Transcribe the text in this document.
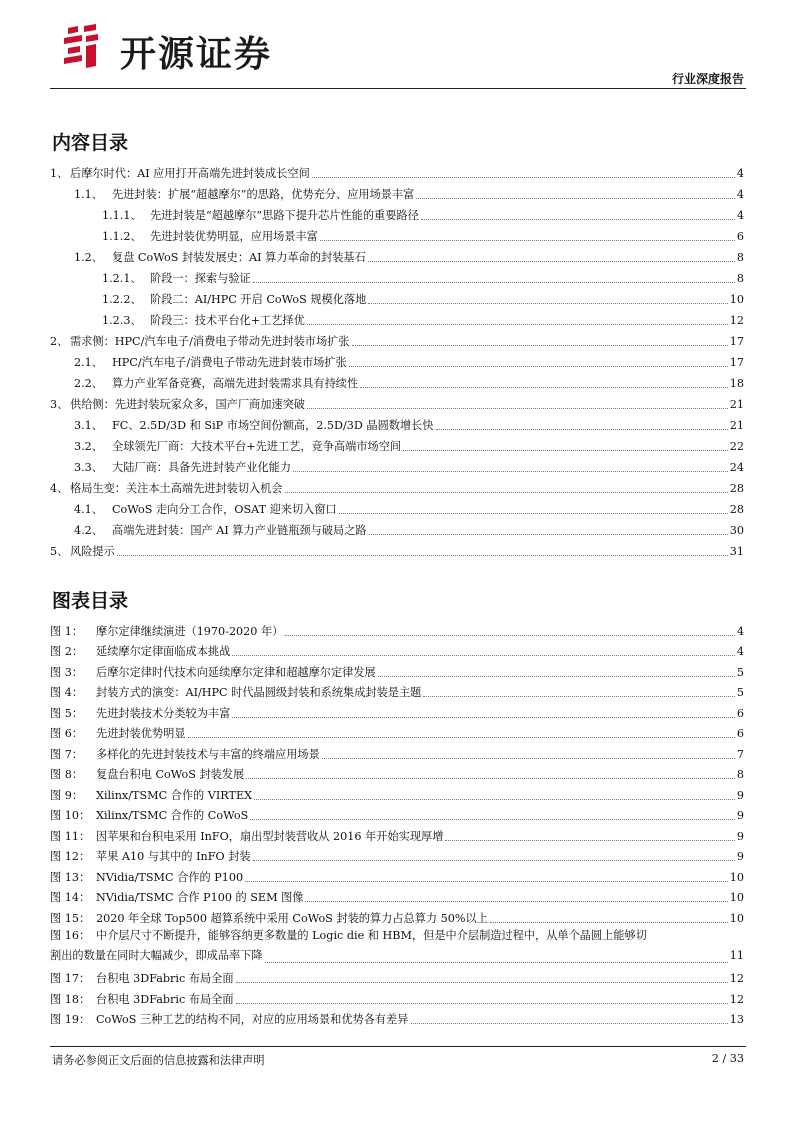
开源证券
行业深度报告
内容目录
1、 后摩尔时代：AI 应用打开高端先进封装成长空间	4
1.1、 先进封装：扩展“超越摩尔”的思路，优势充分、应用场景丰富	4
1.1.1、 先进封装是“超越摩尔”思路下提升芯片性能的重要路径	4
1.1.2、 先进封装优势明显，应用场景丰富	6
1.2、 复盘 CoWoS 封装发展史：AI 算力革命的封装基石	8
1.2.1、 阶段一：探索与验证	8
1.2.2、 阶段二：AI/HPC 开启 CoWoS 规模化落地	10
1.2.3、 阶段三：技术平台化+工艺择优	12
2、 需求侧：HPC/汽车电子/消费电子带动先进封装市场扩张	17
2.1、 HPC/汽车电子/消费电子带动先进封装市场扩张	17
2.2、 算力产业军备竞赛，高端先进封装需求具有持续性	18
3、 供给侧：先进封装玩家众多，国产厂商加速突破	21
3.1、 FC、2.5D/3D 和 SiP 市场空间份额高，2.5D/3D 晶圆数增长快	21
3.2、 全球领先厂商：大技术平台+先进工艺，竞争高端市场空间	22
3.3、 大陆厂商：具备先进封装产业化能力	24
4、 格局生变：关注本土高端先进封装切入机会	28
4.1、 CoWoS 走向分工合作，OSAT 迎来切入窗口	28
4.2、 高端先进封装：国产 AI 算力产业链瓶颈与破局之路	30
5、 风险提示	31
图表目录
图 1：	摩尔定律继续演进（1970-2020 年）	4
图 2：	延续摩尔定律面临成本挑战	4
图 3：	后摩尔定律时代技术向延续摩尔定律和超越摩尔定律发展	5
图 4：	封装方式的演变：AI/HPC 时代晶圆级封装和系统集成封装是主题	5
图 5：	先进封装技术分类较为丰富	6
图 6：	先进封装优势明显	6
图 7：	多样化的先进封装技术与丰富的终端应用场景	7
图 8：	复盘台积电 CoWoS 封装发展	8
图 9：	Xilinx/TSMC 合作的 VIRTEX	9
图 10： Xilinx/TSMC 合作的 CoWoS	9
图 11： 因苹果和台积电采用 InFO，扇出型封装营收从 2016 年开始实现厚增	9
图 12： 苹果 A10 与其中的 InFO 封装	9
图 13： NVidia/TSMC 合作的 P100	10
图 14： NVidia/TSMC 合作 P100 的 SEM 图像	10
图 15： 2020 年全球 Top500 超算系统中采用 CoWoS 封装的算力占总算力 50%以上	10
图 16： 中介层尺寸不断提升，能够容纳更多数量的 Logic die 和 HBM，但是中介层制造过程中，从单个晶圆上能够切
割出的数量在同时大幅减少，即成品率下降	11
图 17： 台积电 3DFabric 布局全面	12
图 18： 台积电 3DFabric 布局全面	12
图 19： CoWoS 三种工艺的结构不同，对应的应用场景和优势各有差异	13
请务必参阅正文后面的信息披露和法律声明	2 / 33
